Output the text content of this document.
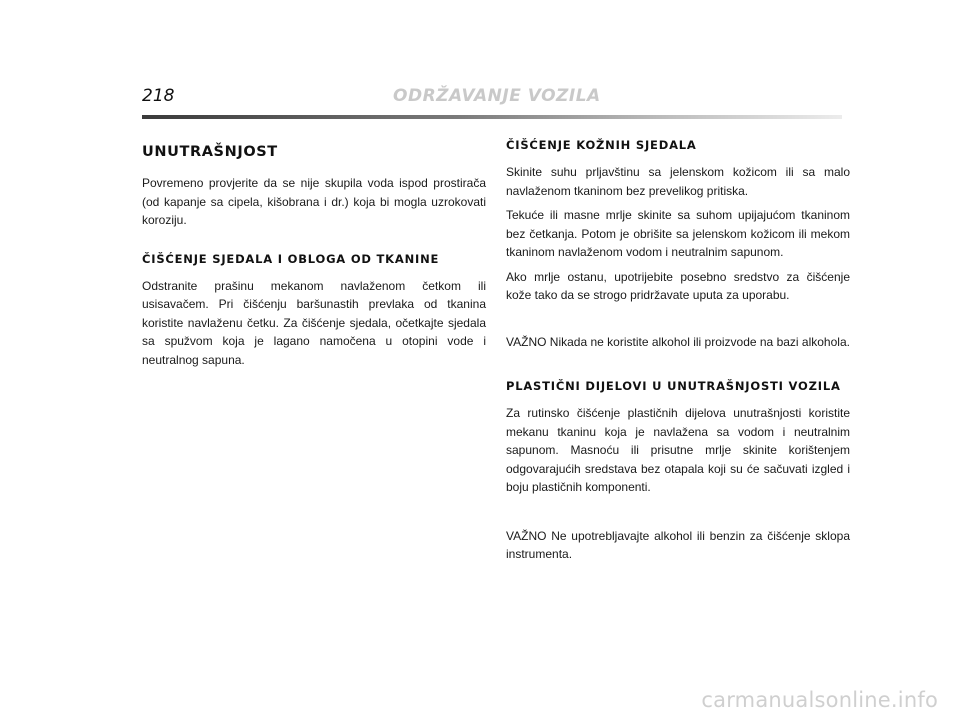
218	ODRŽAVANJE VOZILA
UNUTRAŠNJOST

Povremeno provjerite da se nije skupila voda ispod prostirača (od kapanje sa cipela, kišobrana i dr.) koja bi mogla uzrokovati koroziju.

ČIŠĆENJE SJEDALA I OBLOGA OD TKANINE

Odstranite prašinu mekanom navlaženom četkom ili usisavačem. Pri čišćenju baršunastih prevlaka od tkanina koristite navlaženu četku. Za čišćenje sjedala, očetkajte sjedala sa spužvom koja je lagano namočena u otopini vode i neutralnog sapuna.

ČIŠĆENJE KOŽNIH SJEDALA

Skinite suhu prljavštinu sa jelenskom kožicom ili sa malo navlaženom tkaninom bez prevelikog pritiska.

Tekuće ili masne mrlje skinite sa suhom upijajućom tkaninom bez četkanja. Potom je obrišite sa jelenskom kožicom ili mekom tkaninom navlaženom vodom i neutralnim sapunom.

Ako mrlje ostanu, upotrijebite posebno sredstvo za čišćenje kože tako da se strogo pridržavate uputa za uporabu.

VAŽNO Nikada ne koristite alkohol ili proizvode na bazi alkohola.

PLASTIČNI DIJELOVI U UNUTRAŠNJOSTI VOZILA

Za rutinsko čišćenje plastičnih dijelova unutrašnjosti koristite mekanu tkaninu koja je navlažena sa vodom i neutralnim sapunom. Masnoću ili prisutne mrlje skinite korištenjem odgovarajućih sredstava bez otapala koji su će sačuvati izgled i boju plastičnih komponenti.

VAŽNO Ne upotrebljavajte alkohol ili benzin za čišćenje sklopa instrumenta.

carmanualsonline.info
